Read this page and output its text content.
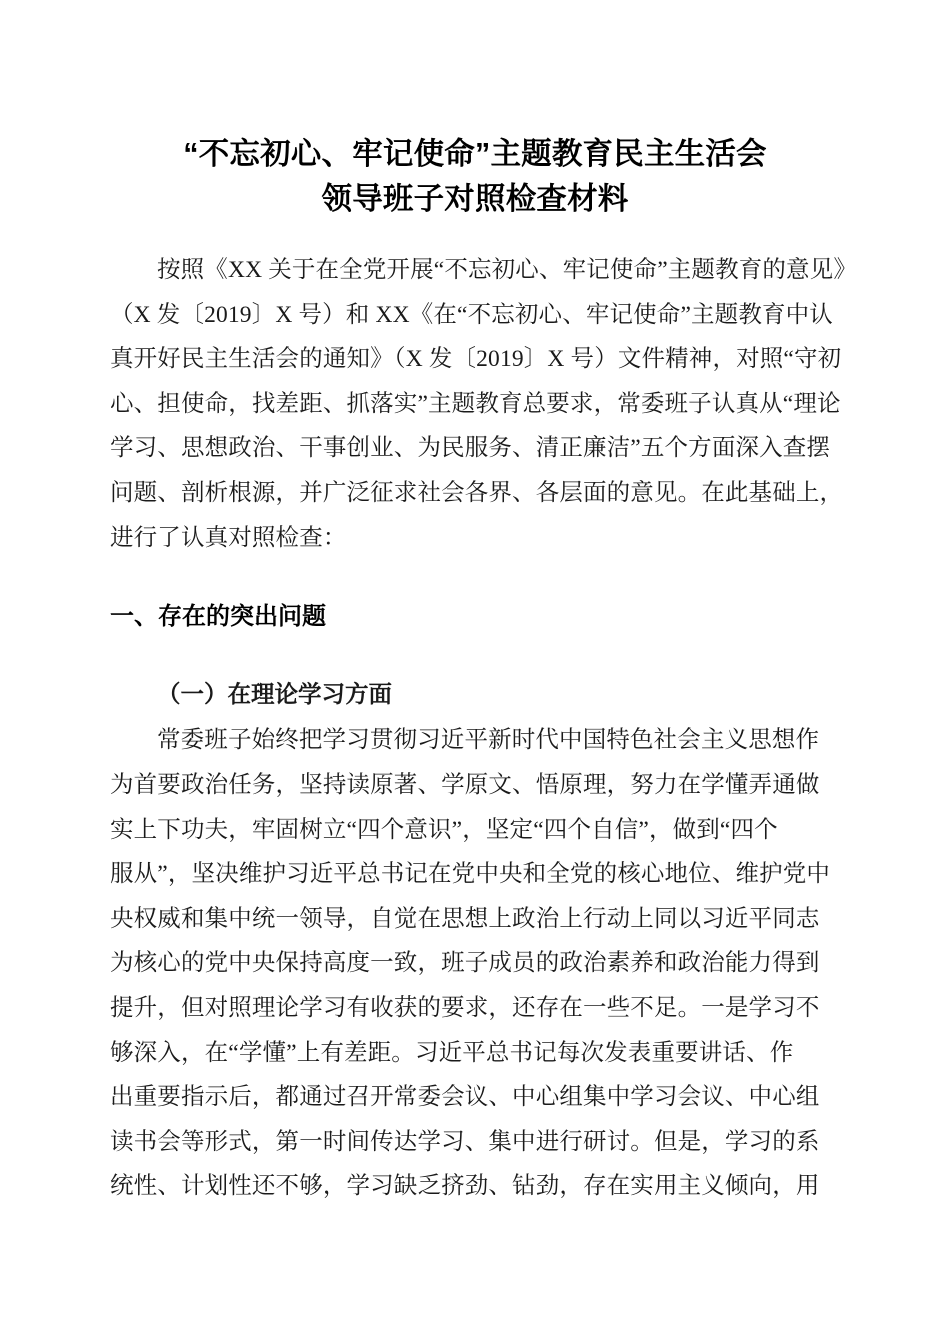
“不忘初心、牢记使命”主题教育民主生活会
领导班子对照检查材料

按照《XX 关于在全党开展“不忘初心、牢记使命”主题教育的意见》
（X 发〔2019〕X 号）和 XX《在“不忘初心、牢记使命”主题教育中认
真开好民主生活会的通知》（X 发〔2019〕X 号）文件精神，对照“守初
心、担使命，找差距、抓落实”主题教育总要求，常委班子认真从“理论
学习、思想政治、干事创业、为民服务、清正廉洁”五个方面深入查摆
问题、剖析根源，并广泛征求社会各界、各层面的意见。在此基础上，
进行了认真对照检查：

一、存在的突出问题
（一）在理论学习方面

常委班子始终把学习贯彻习近平新时代中国特色社会主义思想作
为首要政治任务，坚持读原著、学原文、悟原理，努力在学懂弄通做
实上下功夫，牢固树立“四个意识”，坚定“四个自信”，做到“四个
服从”，坚决维护习近平总书记在党中央和全党的核心地位、维护党中
央权威和集中统一领导，自觉在思想上政治上行动上同以习近平同志
为核心的党中央保持高度一致，班子成员的政治素养和政治能力得到
提升，但对照理论学习有收获的要求，还存在一些不足。一是学习不
够深入，在“学懂”上有差距。习近平总书记每次发表重要讲话、作
出重要指示后，都通过召开常委会议、中心组集中学习会议、中心组
读书会等形式，第一时间传达学习、集中进行研讨。但是，学习的系
统性、计划性还不够，学习缺乏挤劲、钻劲，存在实用主义倾向，用
